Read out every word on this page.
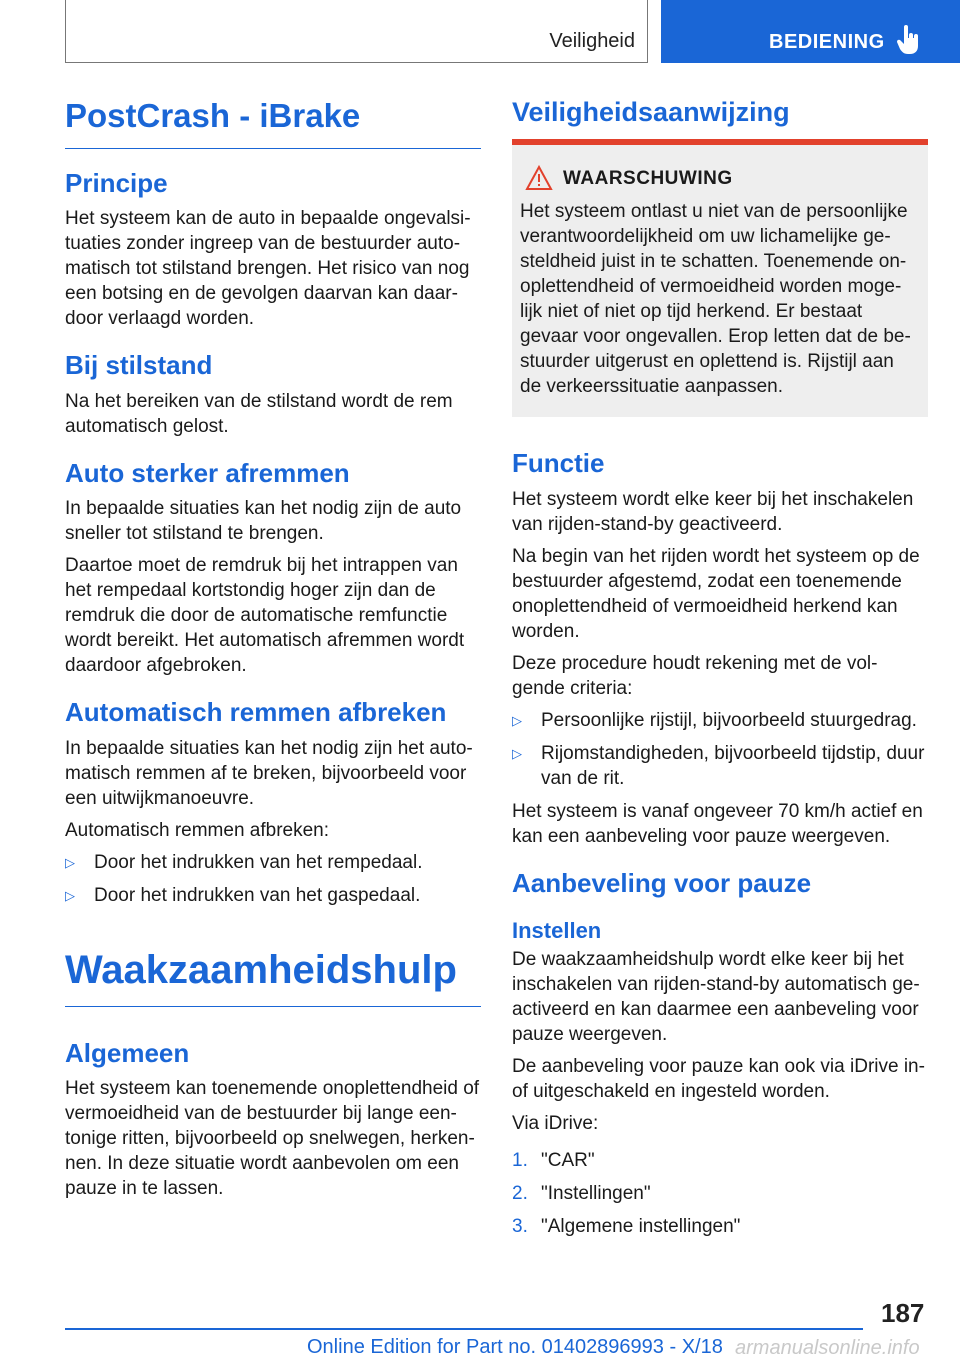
Veiligheid	BEDIENING
PostCrash - iBrake
Principe

Het systeem kan de auto in bepaalde ongevalsi-tuaties zonder ingreep van de bestuurder auto-matisch tot stilstand brengen. Het risico van nog een botsing en de gevolgen daarvan kan daar-door verlaagd worden.

Bij stilstand

Na het bereiken van de stilstand wordt de rem automatisch gelost.

Auto sterker afremmen

In bepaalde situaties kan het nodig zijn de auto sneller tot stilstand te brengen.

Daartoe moet de remdruk bij het intrappen van het rempedaal kortstondig hoger zijn dan de remdruk die door de automatische remfunctie wordt bereikt. Het automatisch afremmen wordt daardoor afgebroken.

Automatisch remmen afbreken

In bepaalde situaties kan het nodig zijn het auto-matisch remmen af te breken, bijvoorbeeld voor een uitwijkmanoeuvre.

Automatisch remmen afbreken:

▷ Door het indrukken van het rempedaal.
▷ Door het indrukken van het gaspedaal.
Waakzaamheidshulp
Algemeen

Het systeem kan toenemende onoplettendheid of vermoeidheid van de bestuurder bij lange een-tonige ritten, bijvoorbeeld op snelwegen, herken-nen. In deze situatie wordt aanbevolen om een pauze in te lassen.

Veiligheidsaanwijzing
WAARSCHUWING

Het systeem ontlast u niet van de persoonlijke verantwoordelijkheid om uw lichamelijke ge-steldheid juist in te schatten. Toenemende on-oplettendheid of vermoeidheid worden moge-lijk niet of niet op tijd herkend. Er bestaat gevaar voor ongevallen. Erop letten dat de be-stuurder uitgerust en oplettend is. Rijstijl aan de verkeerssituatie aanpassen.

Functie

Het systeem wordt elke keer bij het inschakelen van rijden-stand-by geactiveerd.

Na begin van het rijden wordt het systeem op de bestuurder afgestemd, zodat een toenemende onoplettendheid of vermoeidheid herkend kan worden.

Deze procedure houdt rekening met de vol-gende criteria:

▷ Persoonlijke rijstijl, bijvoorbeeld stuurgedrag.
▷ Rijomstandigheden, bijvoorbeeld tijdstip, duur van de rit.

Het systeem is vanaf ongeveer 70 km/h actief en kan een aanbeveling voor pauze weergeven.

Aanbeveling voor pauze
Instellen

De waakzaamheidshulp wordt elke keer bij het inschakelen van rijden-stand-by automatisch ge-activeerd en kan daarmee een aanbeveling voor pauze weergeven.

De aanbeveling voor pauze kan ook via iDrive in-of uitgeschakeld en ingesteld worden.

Via iDrive:

1. "CAR"
2. "Instellingen"
3. "Algemene instellingen"
187
Online Edition for Part no. 01402896993 - X/18 armanualsonline.info
